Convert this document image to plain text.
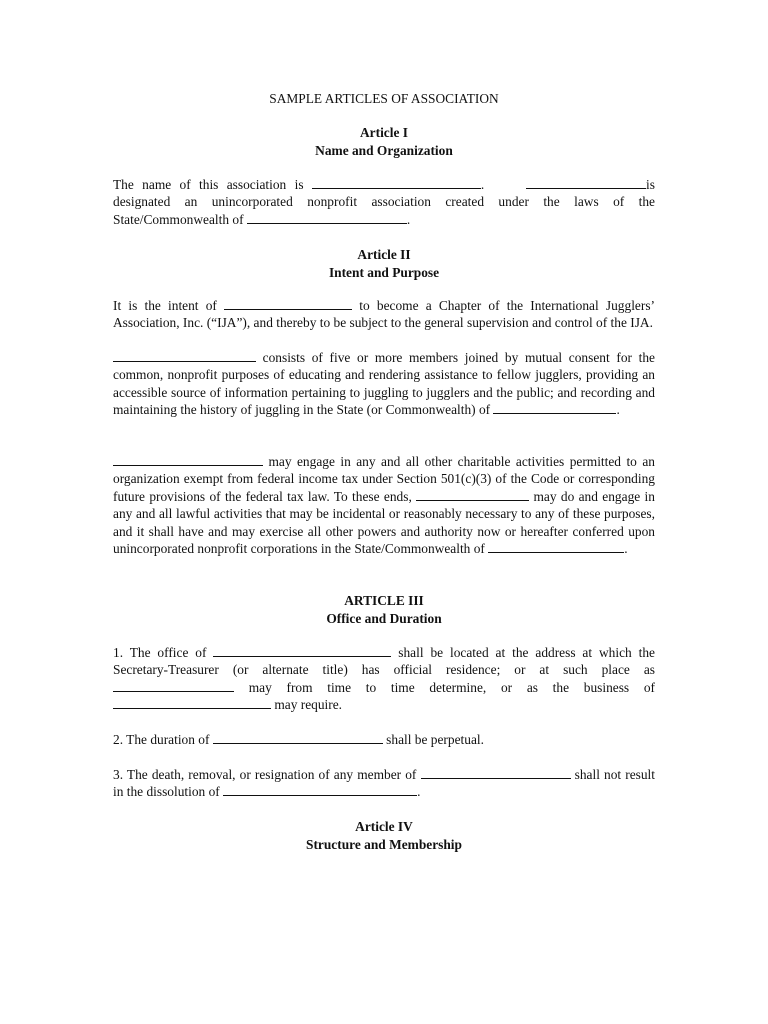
SAMPLE ARTICLES OF ASSOCIATION
Article I
Name and Organization
The name of this association is	.	is designated an unincorporated nonprofit association created under the laws of the State/Commonwealth of	.
Article II
Intent and Purpose
It is the intent of	to become a Chapter of the International Jugglers’ Association, Inc. (“IJA”), and thereby to be subject to the general supervision and control of the IJA.
consists of five or more members joined by mutual consent for the common, nonprofit purposes of educating and rendering assistance to fellow jugglers, providing an accessible source of information pertaining to juggling to jugglers and the public; and recording and maintaining the history of juggling in the State (or Commonwealth) of	.
may engage in any and all other charitable activities permitted to an organization exempt from federal income tax under Section 501(c)(3) of the Code or corresponding future provisions of the federal tax law. To these ends,	may do and engage in any and all lawful activities that may be incidental or reasonably necessary to any of these purposes, and it shall have and may exercise all other powers and authority now or hereafter conferred upon unincorporated nonprofit corporations in the State/Commonwealth of	.
ARTICLE III
Office and Duration
1. The office of	shall be located at the address at which the Secretary-Treasurer (or alternate title) has official residence; or at such place as  may from time to time determine, or as the business of  may require.
2. The duration of	shall be perpetual.
3. The death, removal, or resignation of any member of	shall not result in the dissolution of	.
Article IV
Structure and Membership
